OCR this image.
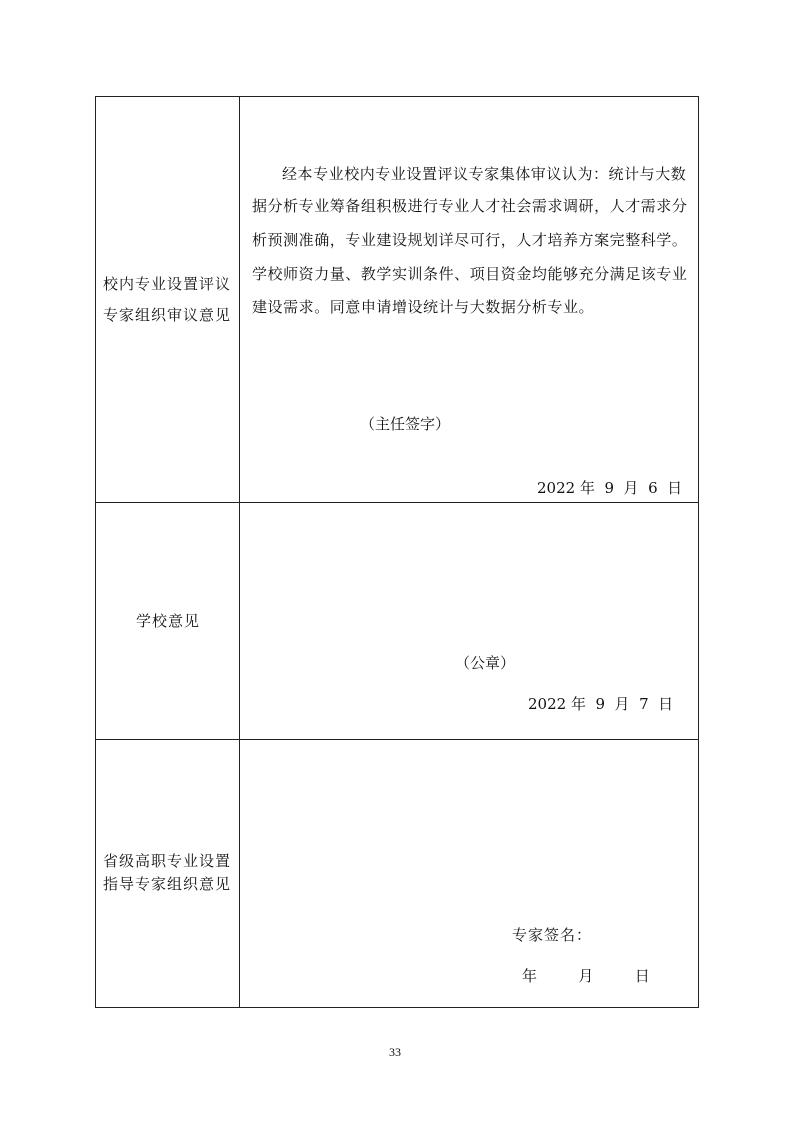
校内专业设置评议
专家组织审议意见
经本专业校内专业设置评议专家集体审议认为：统计与大数
据分析专业筹备组积极进行专业人才社会需求调研，人才需求分
析预测准确，专业建设规划详尽可行，人才培养方案完整科学。
学校师资力量、教学实训条件、项目资金均能够充分满足该专业
建设需求。同意申请增设统计与大数据分析专业。
（主任签字）
2022 年  9  月  6  日
学校意见
（公章）
2022 年  9  月  7  日
省级高职专业设置
指导专家组织意见
专家签名：
年       月       日
33
